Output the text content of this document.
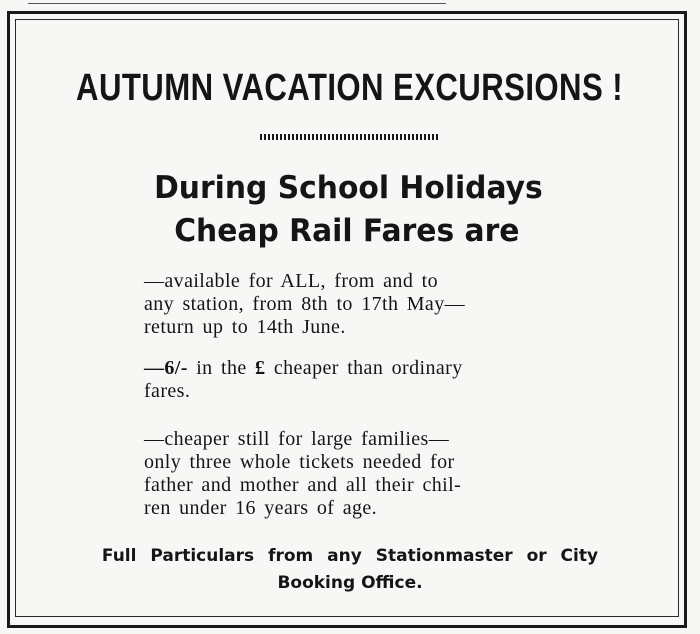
AUTUMN VACATION EXCURSIONS !
During School Holidays
Cheap Rail Fares are
—available for ALL, from and to
any station, from 8th to 17th May—
return up to 14th June.
—6/- in the £ cheaper than ordinary
fares.
—cheaper still for large families—
only three whole tickets needed for
father and mother and all their chil-
ren under 16 years of age.
Full Particulars from any Stationmaster or City
Booking Office.
